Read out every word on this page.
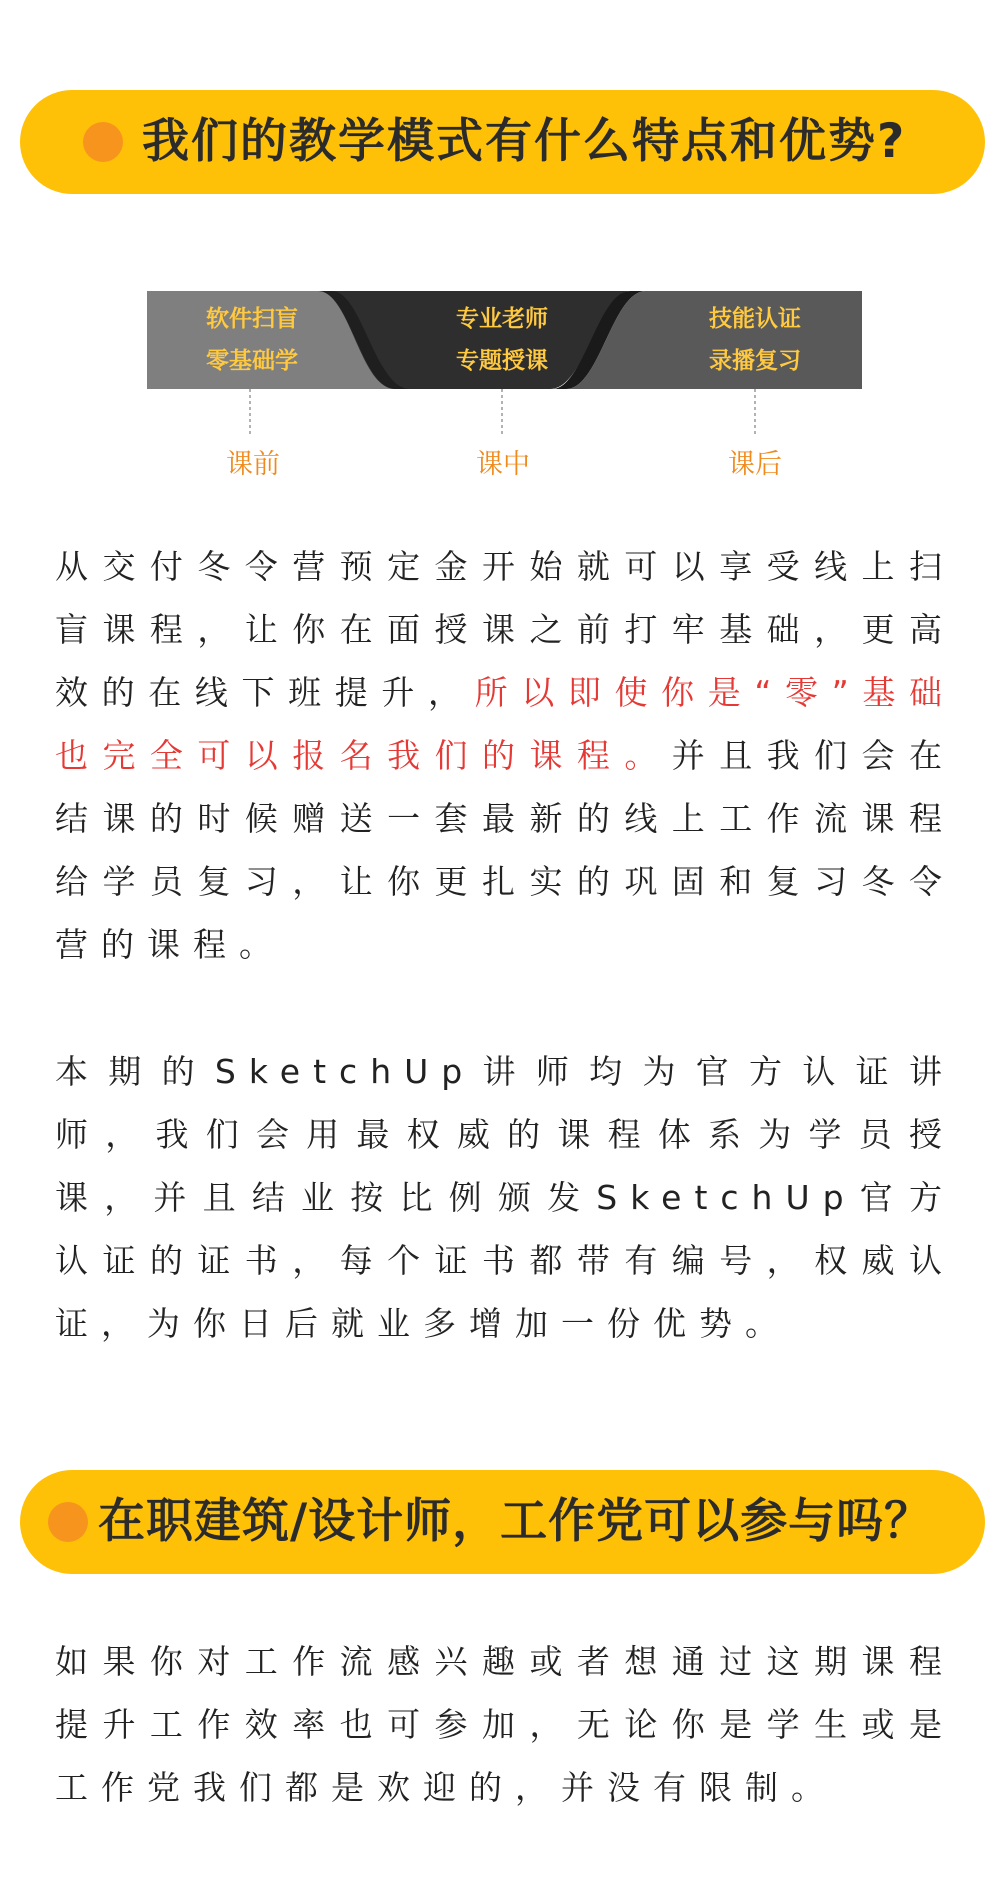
我们的教学模式有什么特点和优势?
软件扫盲
零基础学
专业老师
专题授课
技能认证
录播复习
课前	课中	课后
从交付冬令营预定金开始就可以享受线上扫盲课程，让你在面授课之前打牢基础，更高效的在线下班提升，所以即使你是“零”基础也完全可以报名我们的课程。并且我们会在结课的时候赠送一套最新的线上工作流课程给学员复习，让你更扎实的巩固和复习冬令营的课程。
本期的SketchUp讲师均为官方认证讲师，我们会用最权威的课程体系为学员授课，并且结业按比例颁发SketchUp官方认证的证书，每个证书都带有编号，权威认证，为你日后就业多增加一份优势。
在职建筑/设计师，工作党可以参与吗？
如果你对工作流感兴趣或者想通过这期课程提升工作效率也可参加，无论你是学生或是工作党我们都是欢迎的，并没有限制。
